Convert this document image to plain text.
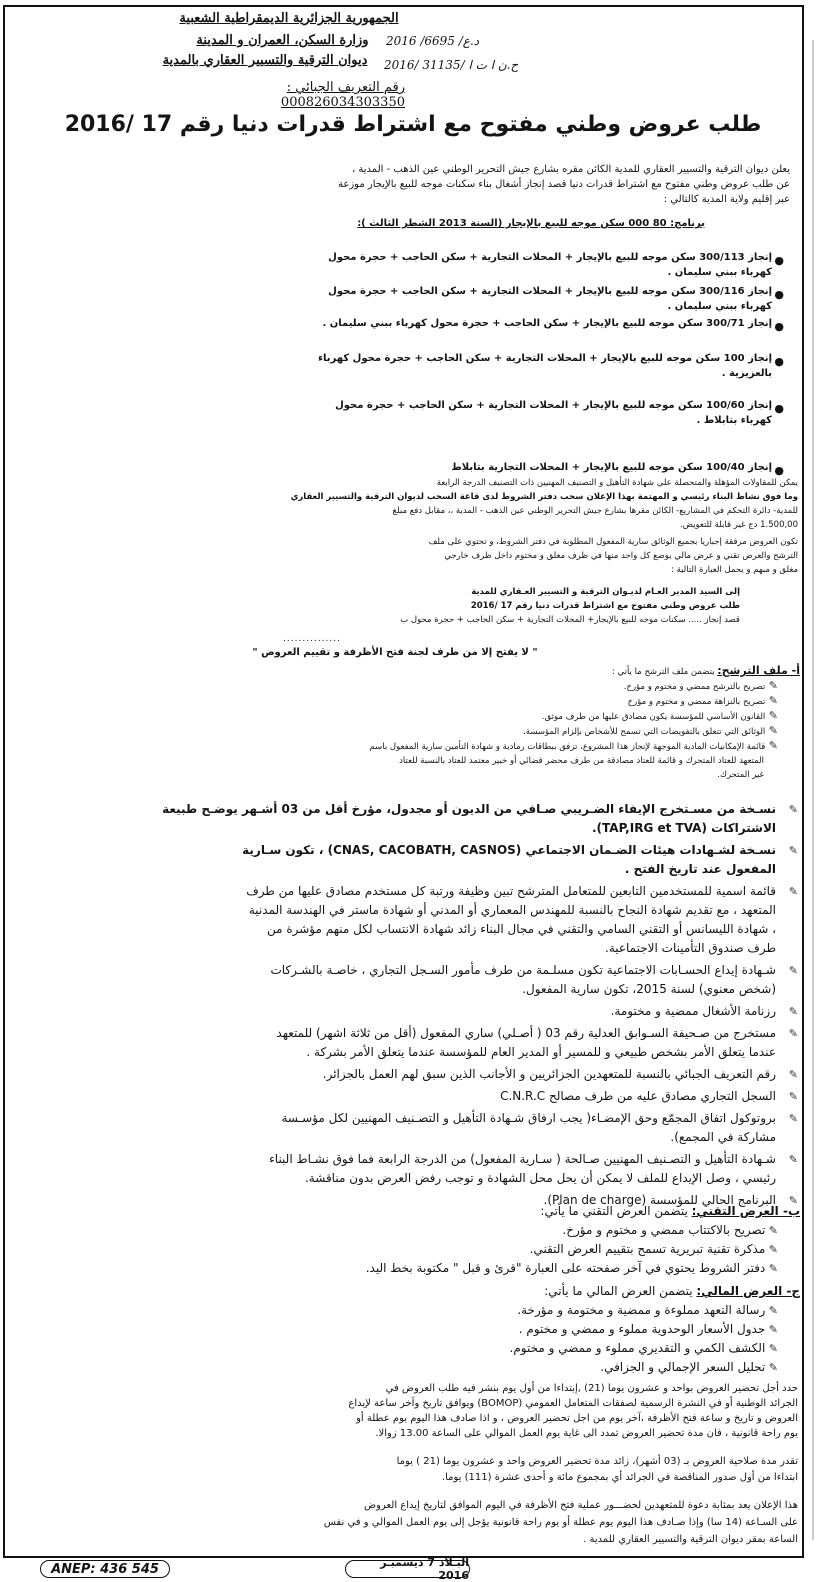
الجمهورية الجزائرية الديمقراطية الشعبية
وزارة السكن، العمران و المدينة
ديوان الترقية والتسيير العقاري بالمدية
رقم التعريف الجبائي : 000826034303350
2016 /د.ع/ 6695
2016/ 31135/ ح.ن ا ت ا
طلب عروض وطني مفتوح مع اشتراط قدرات دنيا رقم 17 /2016
يعلن ديوان الترقية والتسيير العقاري للمدية الكائن مقره بشارع جيش التحرير الوطني عين الذهب - المدية ،
عن طلب عروض وطني مفتوح مع اشتراط قدرات دنيا قصد إنجاز أشغال بناء سكنات موجه للبيع بالإيجار موزعة
عبر إقليم ولاية المدية كالتالي :
برنامج: 80 000 سكن موجه للبيع بالإيجار (السنة 2013 الشطر الثالث ):
●
إنجاز 300/113 سكن موجه للبيع بالإيجار + المحلات التجارية + سكن الحاجب + حجرة محول
كهرباء ببني سليمان .
●
إنجاز 300/116 سكن موجه للبيع بالإيجار + المحلات التجارية + سكن الحاجب + حجرة محول
كهرباء ببني سليمان .
●
إنجاز 300/71 سكن موجه للبيع بالإيجار + سكن الحاجب + حجرة محول كهرباء ببني سليمان .
●
إنجاز 100 سكن موجه للبيع بالإيجار + المحلات التجارية + سكن الحاجب + حجرة محول كهرباء
بالعزيزية .
●
إنجاز 100/60 سكن موجه للبيع بالإيجار + المحلات التجارية + سكن الحاجب + حجرة محول
كهرباء بتابلاط .
●
إنجاز 100/40 سكن موجه للبيع بالإيجار + المحلات التجارية بتابلاط
يمكن للمقاولات المؤهلة والمتحصلة على شهادة التأهيل و التصنيف المهنيين ذات التصنيف الدرجة الرابعة
وما فوق نشاط البناء رئيسي و المهتمة بهذا الإعلان سحب دفتر الشروط لدى قاعة السحب لديوان الترقية والتسيير العقاري
للمدية- دائرة التحكم في المشاريع- الكائن مقرها بشارع جيش التحرير الوطني عين الذهب - المدية ،، مقابل دفع مبلغ
1.500,00 دج غير قابلة للتعويض.
تكون العروض مرفقة إجباريا بجميع الوثائق سارية المفعول المطلوبة في دفتر الشروط، و تحتوي على ملف
الترشح والعرض تقني و عرض مالي يوضع كل واحد منها في ظرف مغلق و مختوم داخل ظرف خارجي
مغلق و مبهم و يحمل العبارة التالية :
إلى السيد المدير العـام لديـوان الترقية و التسيير العـقاري للمدية
طلب عروض وطني مفتوح مع اشتراط قدرات دنيا رقم 17 /2016
قصد إنجاز ..... سكنات موجه للبيع بالإيجار+ المحلات التجارية + سكن الحاجب + حجرة محول ب
...............
" لا يفتح إلا من طرف لجنة فتح الأظرفة و تقييم العروض "
أ- ملف الترشح: يتضمن ملف الترشح ما يأتي :
✎ تصريح بالترشح ممضي و مختوم و مؤرخ.
✎ تصريح بالنزاهة ممضي و مختوم و مؤرخ
✎ القانون الأساسي للمؤسسة يكون مصادق عليها من طرف موثق.
✎ الوثائق التي تتعلق بالتفويضات التي تسمح للأشخاص بإلزام المؤسسة.
✎ قائمة الإمكانيات المادية الموجهة لإنجاز هذا المشروع، ترفق ببطاقات رمادية و شهادة التأمين سارية المفعول باسم
المتعهد للعتاد المتحرك و قائمة للعتاد مصادقة من طرف محضر قضائي أو خبير معتمد للعتاد بالنسبة للعتاد
غير المتحرك.
✎
نسـخة من مسـتخرج الإيفاء الضـريبي صـافي من الديون أو مجدول، مؤرخ أقل من 03 أشـهر يوضـح طبيعة
الاشتراكات (TAP,IRG et TVA).
✎
نسـخة لشـهادات هيئات الضـمان الاجتماعي (CNAS, CACOBATH, CASNOS) ، تكون سـارية
المفعول عند تاريخ الفتح .
✎
قائمة اسمية للمستخدمين التابعين للمتعامل المترشح تبين وظيفة ورتبة كل مستخدم مصادق عليها من طرف
المتعهد ، مع تقديم شهادة النجاح بالنسبة للمهندس المعماري أو المدني أو شهادة ماستر في الهندسة المدنية
، شهادة الليسانس أو التقني السامي والتقني في مجال البناء زائد شهادة الانتساب لكل منهم مؤشرة من
طرف صندوق التأمينات الاجتماعية.
✎
شـهادة إيداع الحسـابات الاجتماعية تكون مسلـمة من طرف مأمور السـجل التجاري ، خاصـة بالشـركات
(شخص معنوي) لسنة 2015، تكون سارية المفعول.
✎
رزنامة الأشغال ممضية و مختومة.
✎
مستخرج من صـحيفة السـوابق العدلية رقم 03 ( أصـلي) ساري المفعول (أقل من ثلاثة اشهر) للمتعهد
عندما يتعلق الأمر بشخص طبيعي و للمسير أو المدير العام للمؤسسة عندما يتعلق الأمر بشركة .
✎
رقم التعريف الجبائي بالنسبة للمتعهدين الجزائريين و الأجانب الذين سبق لهم العمل بالجزائر.
✎
السجل التجاري مصادق عليه من طرف مصالح C.N.R.C
✎
بروتوكول اتفاق المجمّع وحق الإمضـاء( يجب ارفاق شـهادة التأهيل و التصـنيف المهنيين لكل مؤسـسة
مشاركة في المجمع).
✎
شـهادة التأهيل و التصـنيف المهنيين صـالحة ( سـارية المفعول) من الدرجة الرابعة فما فوق نشـاط البناء
رئيسي ، وصل الإيداع للملف لا يمكن أن يحل محل الشهادة و توجب رفض العرض بدون مناقشة.
✎
البرنامج الحالي للمؤسسة (Plan de charge).
ب- العرض التقني: يتضمن العرض التقني ما يأتي:
✎ تصريح بالاكتتاب ممضي و مختوم و مؤرخ.
✎ مذكرة تقنية تبريرية تسمح بتقييم العرض التقني.
✎ دفتر الشروط يحتوي في آخر صفحته على العبارة "قرئ و قبل " مكتوبة بخط اليد.
ج- العرض المالي: يتضمن العرض المالي ما يأتي:
✎ رسالة التعهد مملوءة و ممضية و مختومة و مؤرخة.
✎ جدول الأسعار الوحدوية مملوء و ممضي و مختوم .
✎ الكشف الكمي و التقديري مملوء و ممضي و مختوم.
✎ تحليل السعر الإجمالي و الجزافي.
حدد أجل تحضير العروض بواحد و عشرون يوما (21) ,إبتداءا من أول يوم بنشر فيه طلب العروض في
الجرائد الوطنية أو في النشرة الرسمية لصفقات المتعامل العمومي (BOMOP) ويوافق تاريخ وآخر ساعة لإيداع
العروض و تاريخ و ساعة فتح الأظرفة ،آخر يوم من اجل تحضير العروض ، و اذا صادف هذا اليوم يوم عطلة أو
يوم راحة قانونية ، فان مدة تحضير العروض تمدد الى غاية يوم العمل الموالي على الساعة 13.00 زوالا.
تقدر مدة صلاحية العروض بـ (03 أشهر)، زائد مدة تحضير العروض واحد و عشرون يوما (21 ) يوما
ابتداءا من أول صدور المناقصة في الجرائد أي بمجموع مائة و أحدى عشرة (111) يوما.
هذا الإعلان يعد بمثابة دعوة للمتعهدين لحضـــور عملية فتح الأظرفة في اليوم الموافق لتاريخ إيداع العروض
على السـاعة (14 سا) وإذا صـادف هذا اليوم يوم عطلة أو يوم راحة قانونية يؤجل إلى يوم العمل الموالي و في نفس
الساعة بمقر ديوان الترقية والتسيير العقاري للمدية .
ANEP: 436 545	البـلاد 7 ديسمبـر 2016
